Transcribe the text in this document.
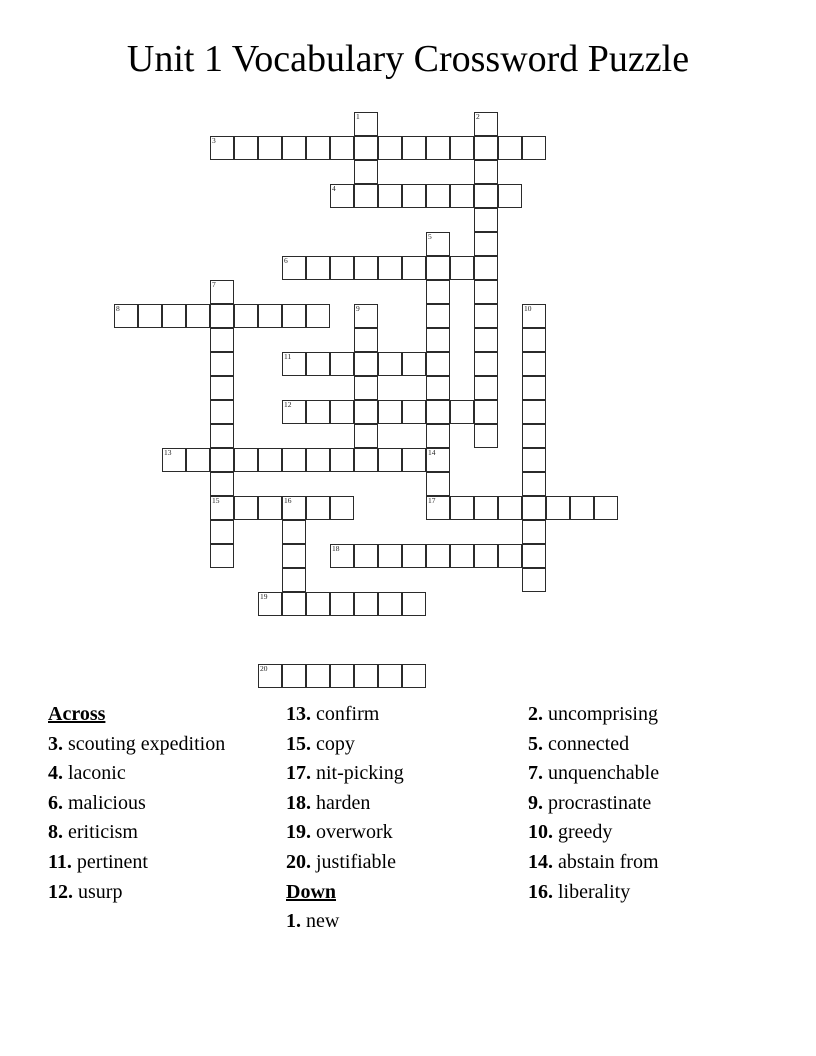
Unit 1 Vocabulary Crossword Puzzle
1	2
3
4
5
14
17
6
7
15
8	9	10
11
12
13
16
18
19
20
Across
3. scouting expedition
4. laconic
6. malicious
8. eriticism
11. pertinent
12. usurp
13. confirm
15. copy
17. nit-picking
18. harden
19. overwork
20. justifiable
Down
1. new
2. uncomprising
5. connected
7. unquenchable
9. procrastinate
10. greedy
14. abstain from
16. liberality
